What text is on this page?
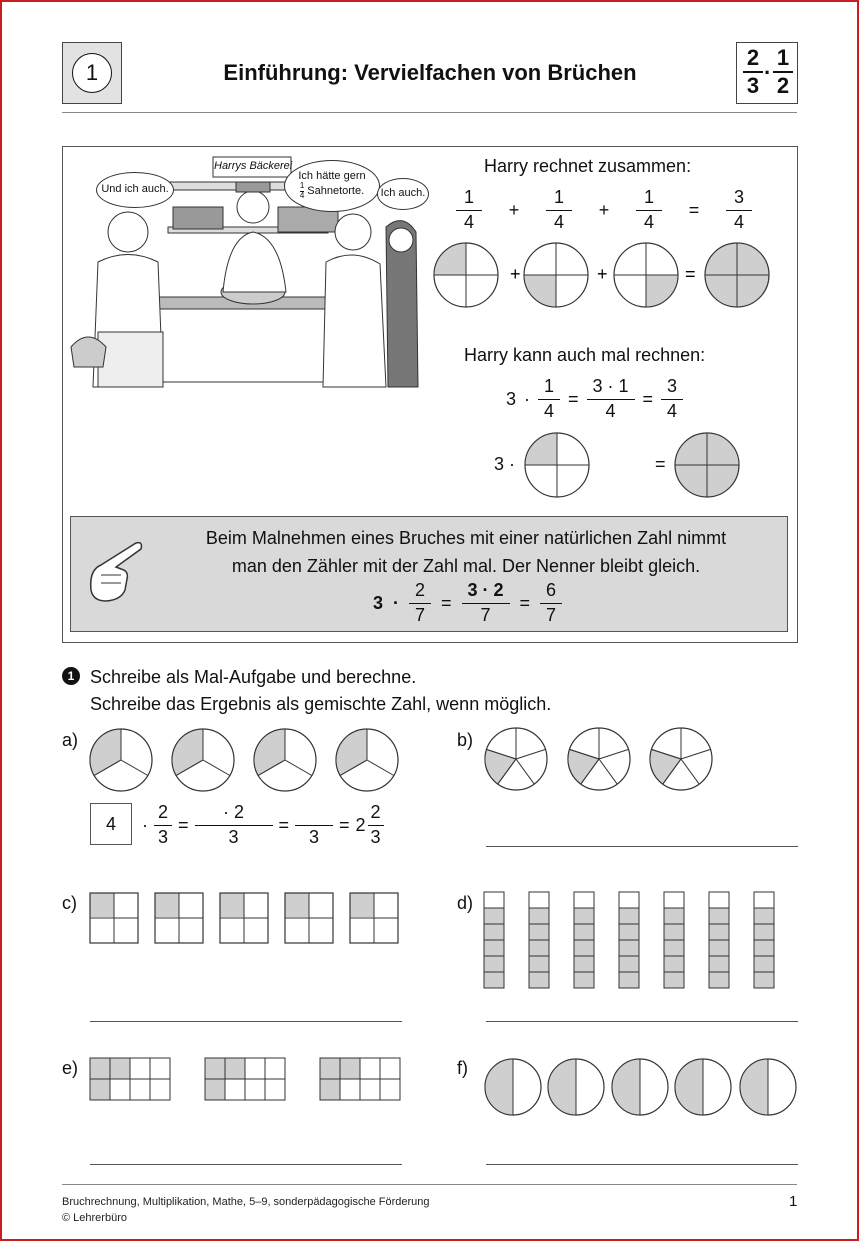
1	Einführung: Vervielfachen von Brüchen
2
3
·
1
2
Harrys Bäckerei
Und ich auch.
Ich hätte gern
$\frac{1}{4}$ Sahnetorte.	Ich auch.
Harry rechnet zusammen:
$\frac{1}{4}$	+	$\frac{1}{4}$	+	$\frac{1}{4}$	=	$\frac{3}{4}$
+	+	=
Harry kann auch mal rechnen:
$3 \cdot \frac{1}{4} = \frac{3 \cdot 1}{4} = \frac{3}{4}$
3 ·	=
Beim Malnehmen eines Bruches mit einer natürlichen Zahl nimmt
man den Zähler mit der Zahl mal. Der Nenner bleibt gleich.
$3 \cdot \frac{2}{7} = \frac{3 \cdot 2}{7} = \frac{6}{7}$
1 Schreibe als Mal-Aufgabe und berechne.
Schreibe das Ergebnis als gemischte Zahl, wenn möglich.
a)
4	· $\frac{2}{3} = \frac{\cdot 2}{3}$ =
3
= $2 \frac{2}{3}$
b)
c)	d)
e)	f)
Bruchrechnung, Multiplikation, Mathe, 5–9, sonderpädagogische Förderung
© Lehrerbüro
1
